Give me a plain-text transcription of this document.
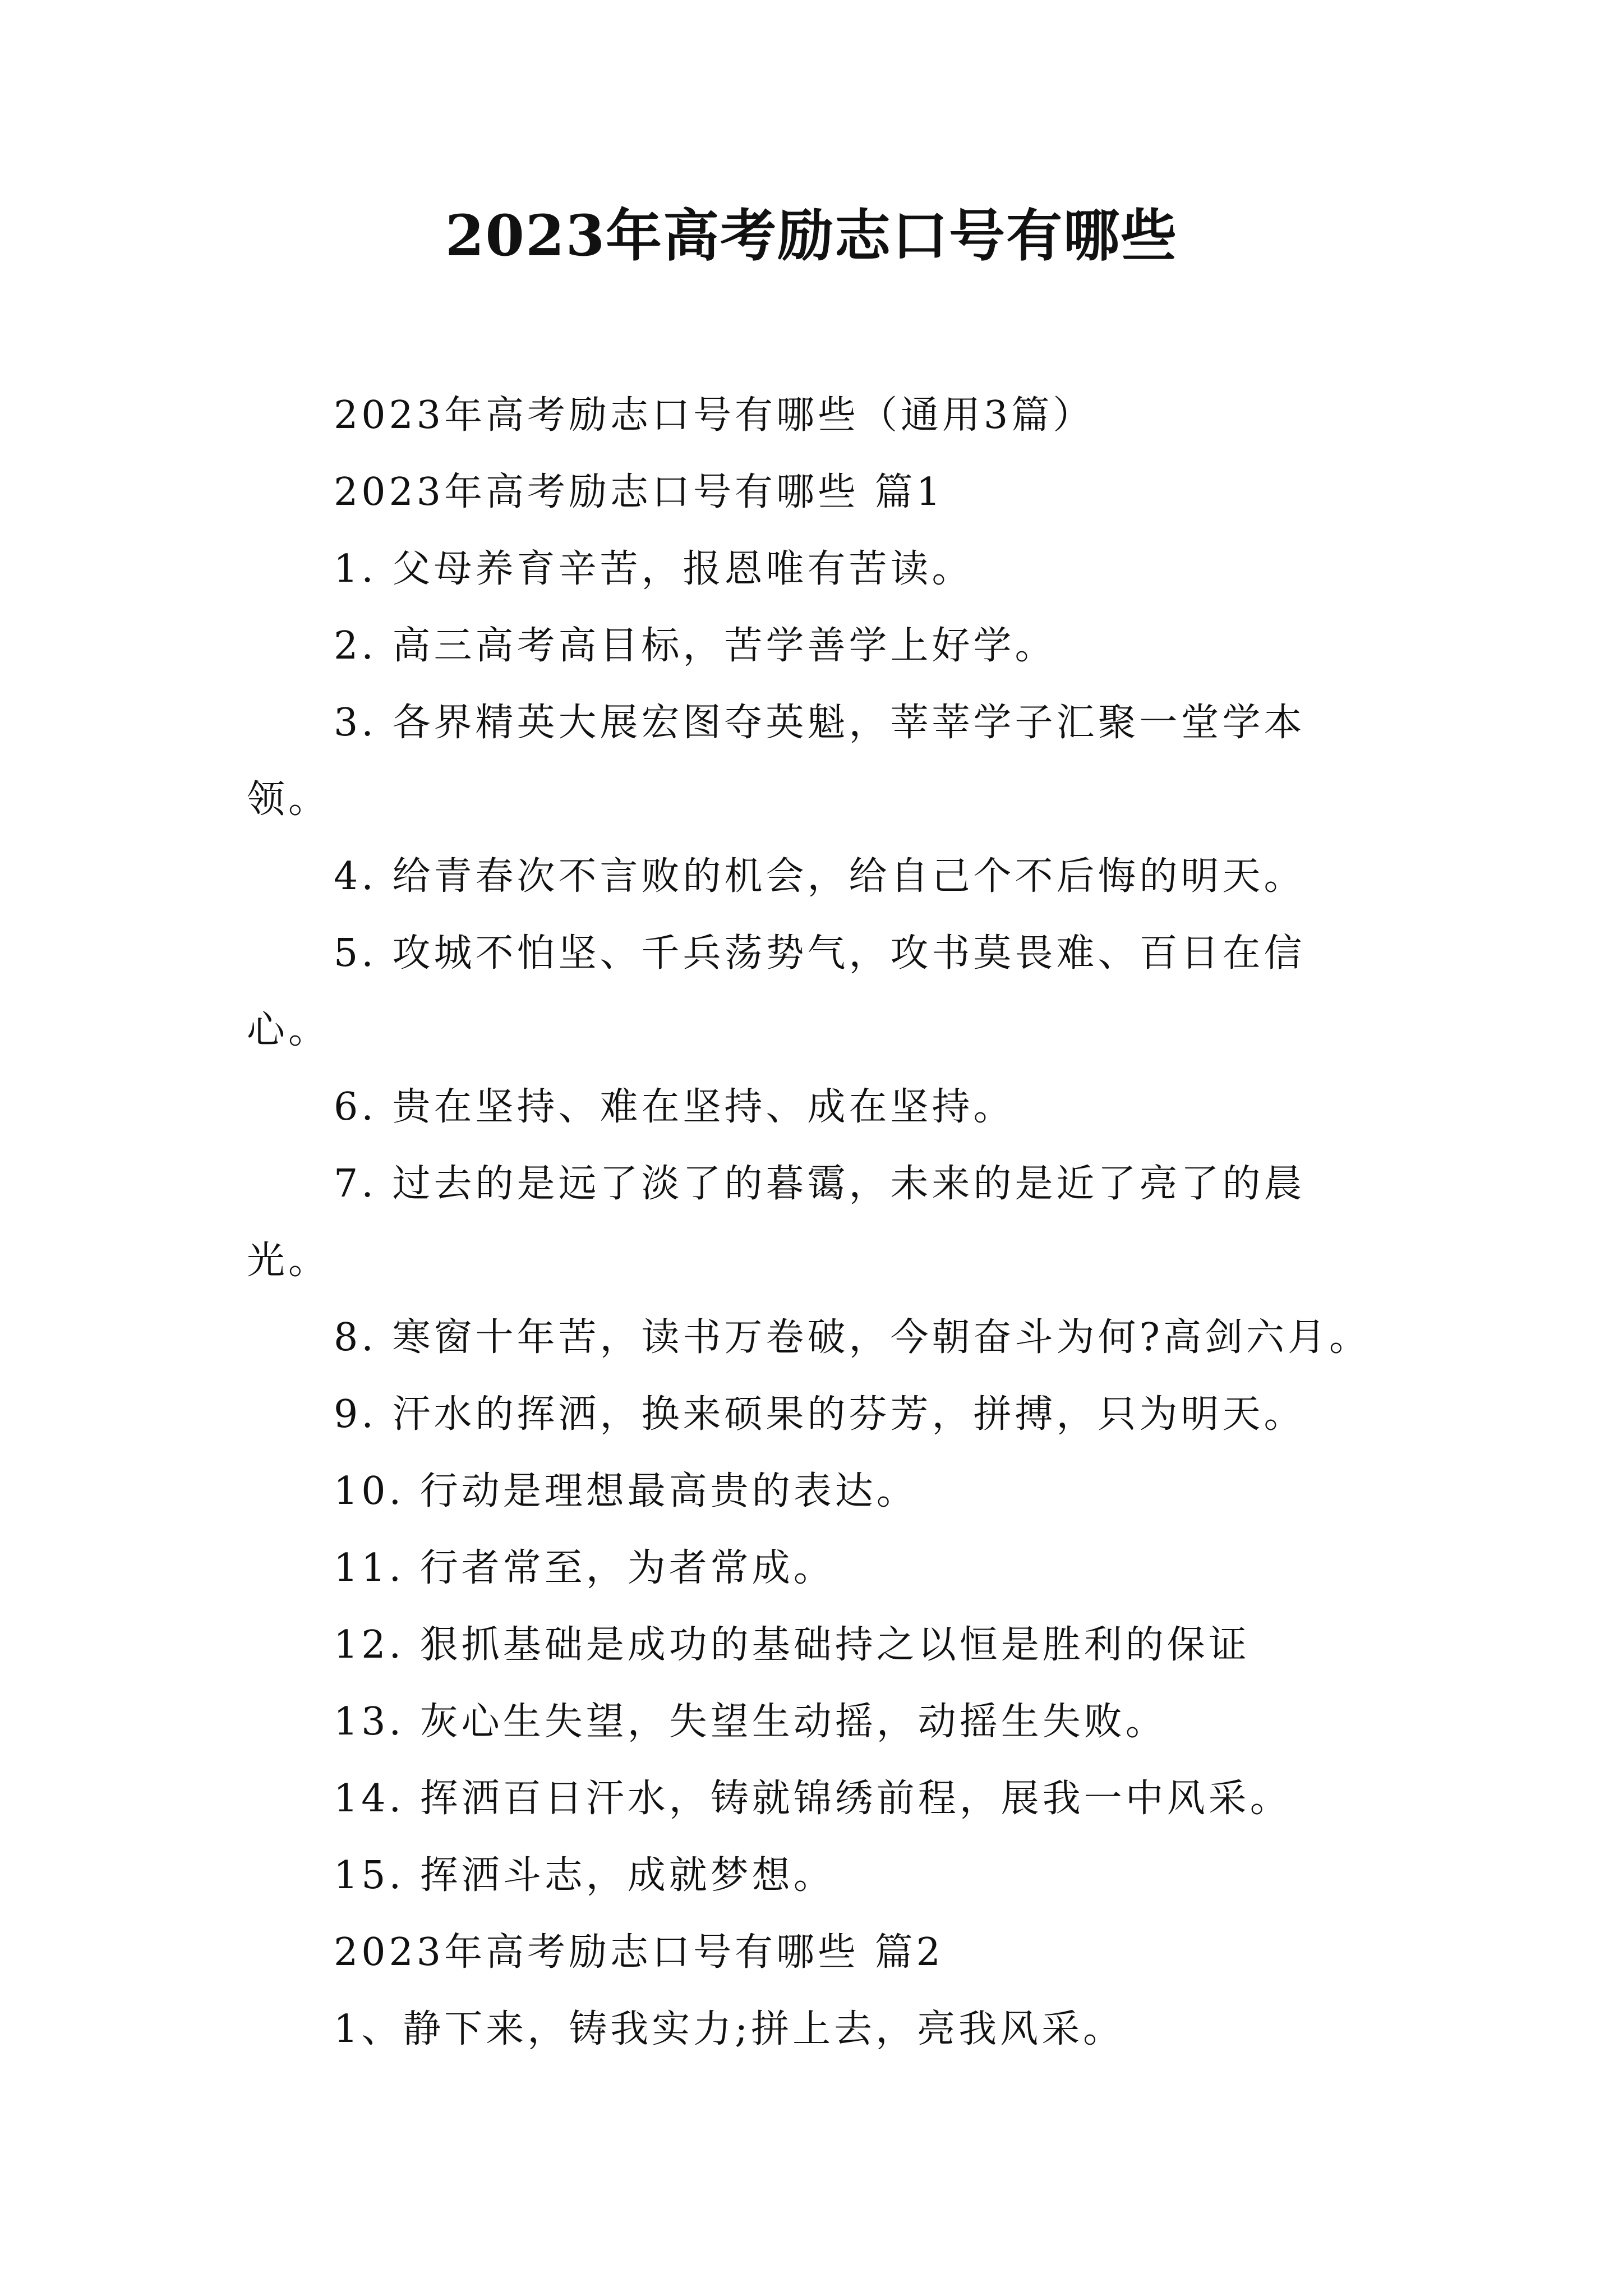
2023年高考励志口号有哪些

2023年高考励志口号有哪些（通用3篇）

2023年高考励志口号有哪些 篇1

1. 父母养育辛苦，报恩唯有苦读。

2. 高三高考高目标，苦学善学上好学。

3. 各界精英大展宏图夺英魁，莘莘学子汇聚一堂学本领。

4. 给青春次不言败的机会，给自己个不后悔的明天。

5. 攻城不怕坚、千兵荡势气，攻书莫畏难、百日在信心。

6. 贵在坚持、难在坚持、成在坚持。

7. 过去的是远了淡了的暮霭，未来的是近了亮了的晨光。

8. 寒窗十年苦，读书万卷破，今朝奋斗为何?高剑六月。

9. 汗水的挥洒，换来硕果的芬芳，拼搏，只为明天。

10. 行动是理想最高贵的表达。

11. 行者常至，为者常成。

12. 狠抓基础是成功的基础持之以恒是胜利的保证

13. 灰心生失望，失望生动摇，动摇生失败。

14. 挥洒百日汗水，铸就锦绣前程，展我一中风采。

15. 挥洒斗志，成就梦想。

2023年高考励志口号有哪些 篇2

1、静下来，铸我实力;拼上去，亮我风采。
